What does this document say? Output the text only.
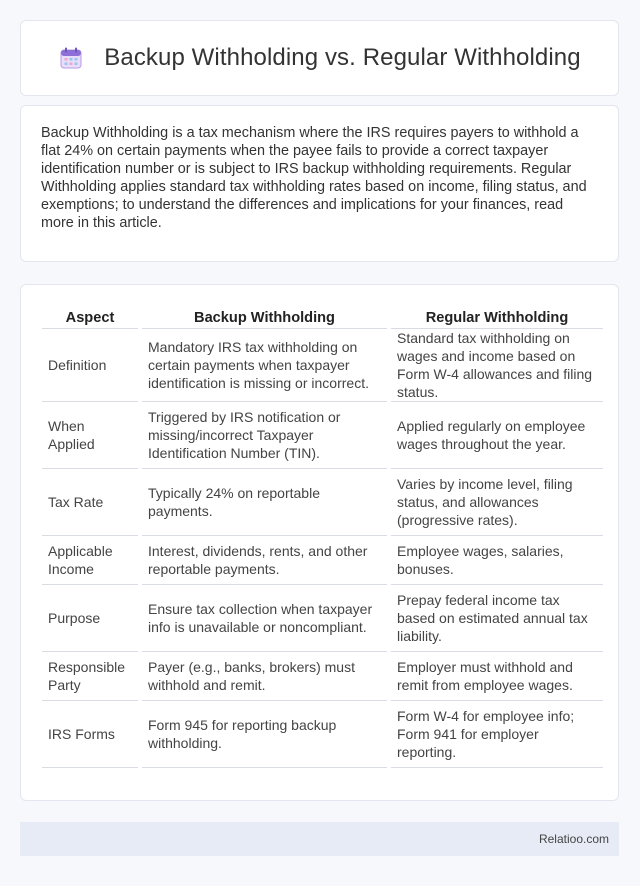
Backup Withholding vs. Regular Withholding

Backup Withholding is a tax mechanism where the IRS requires payers to withhold a flat 24% on certain payments when the payee fails to provide a correct taxpayer identification number or is subject to IRS backup withholding requirements. Regular Withholding applies standard tax withholding rates based on income, filing status, and exemptions; to understand the differences and implications for your finances, read more in this article.

Aspect	Backup Withholding	Regular Withholding
Definition	Mandatory IRS tax withholding on certain payments when taxpayer identification is missing or incorrect.	Standard tax withholding on wages and income based on Form W-4 allowances and filing status.
When Applied	Triggered by IRS notification or missing/incorrect Taxpayer Identification Number (TIN).	Applied regularly on employee wages throughout the year.
Tax Rate	Typically 24% on reportable payments.	Varies by income level, filing status, and allowances (progressive rates).
Applicable Income	Interest, dividends, rents, and other reportable payments.	Employee wages, salaries, bonuses.
Purpose	Ensure tax collection when taxpayer info is unavailable or noncompliant.	Prepay federal income tax based on estimated annual tax liability.
Responsible Party	Payer (e.g., banks, brokers) must withhold and remit.	Employer must withhold and remit from employee wages.
IRS Forms	Form 945 for reporting backup withholding.	Form W-4 for employee info; Form 941 for employer reporting.
Relatioo.com
